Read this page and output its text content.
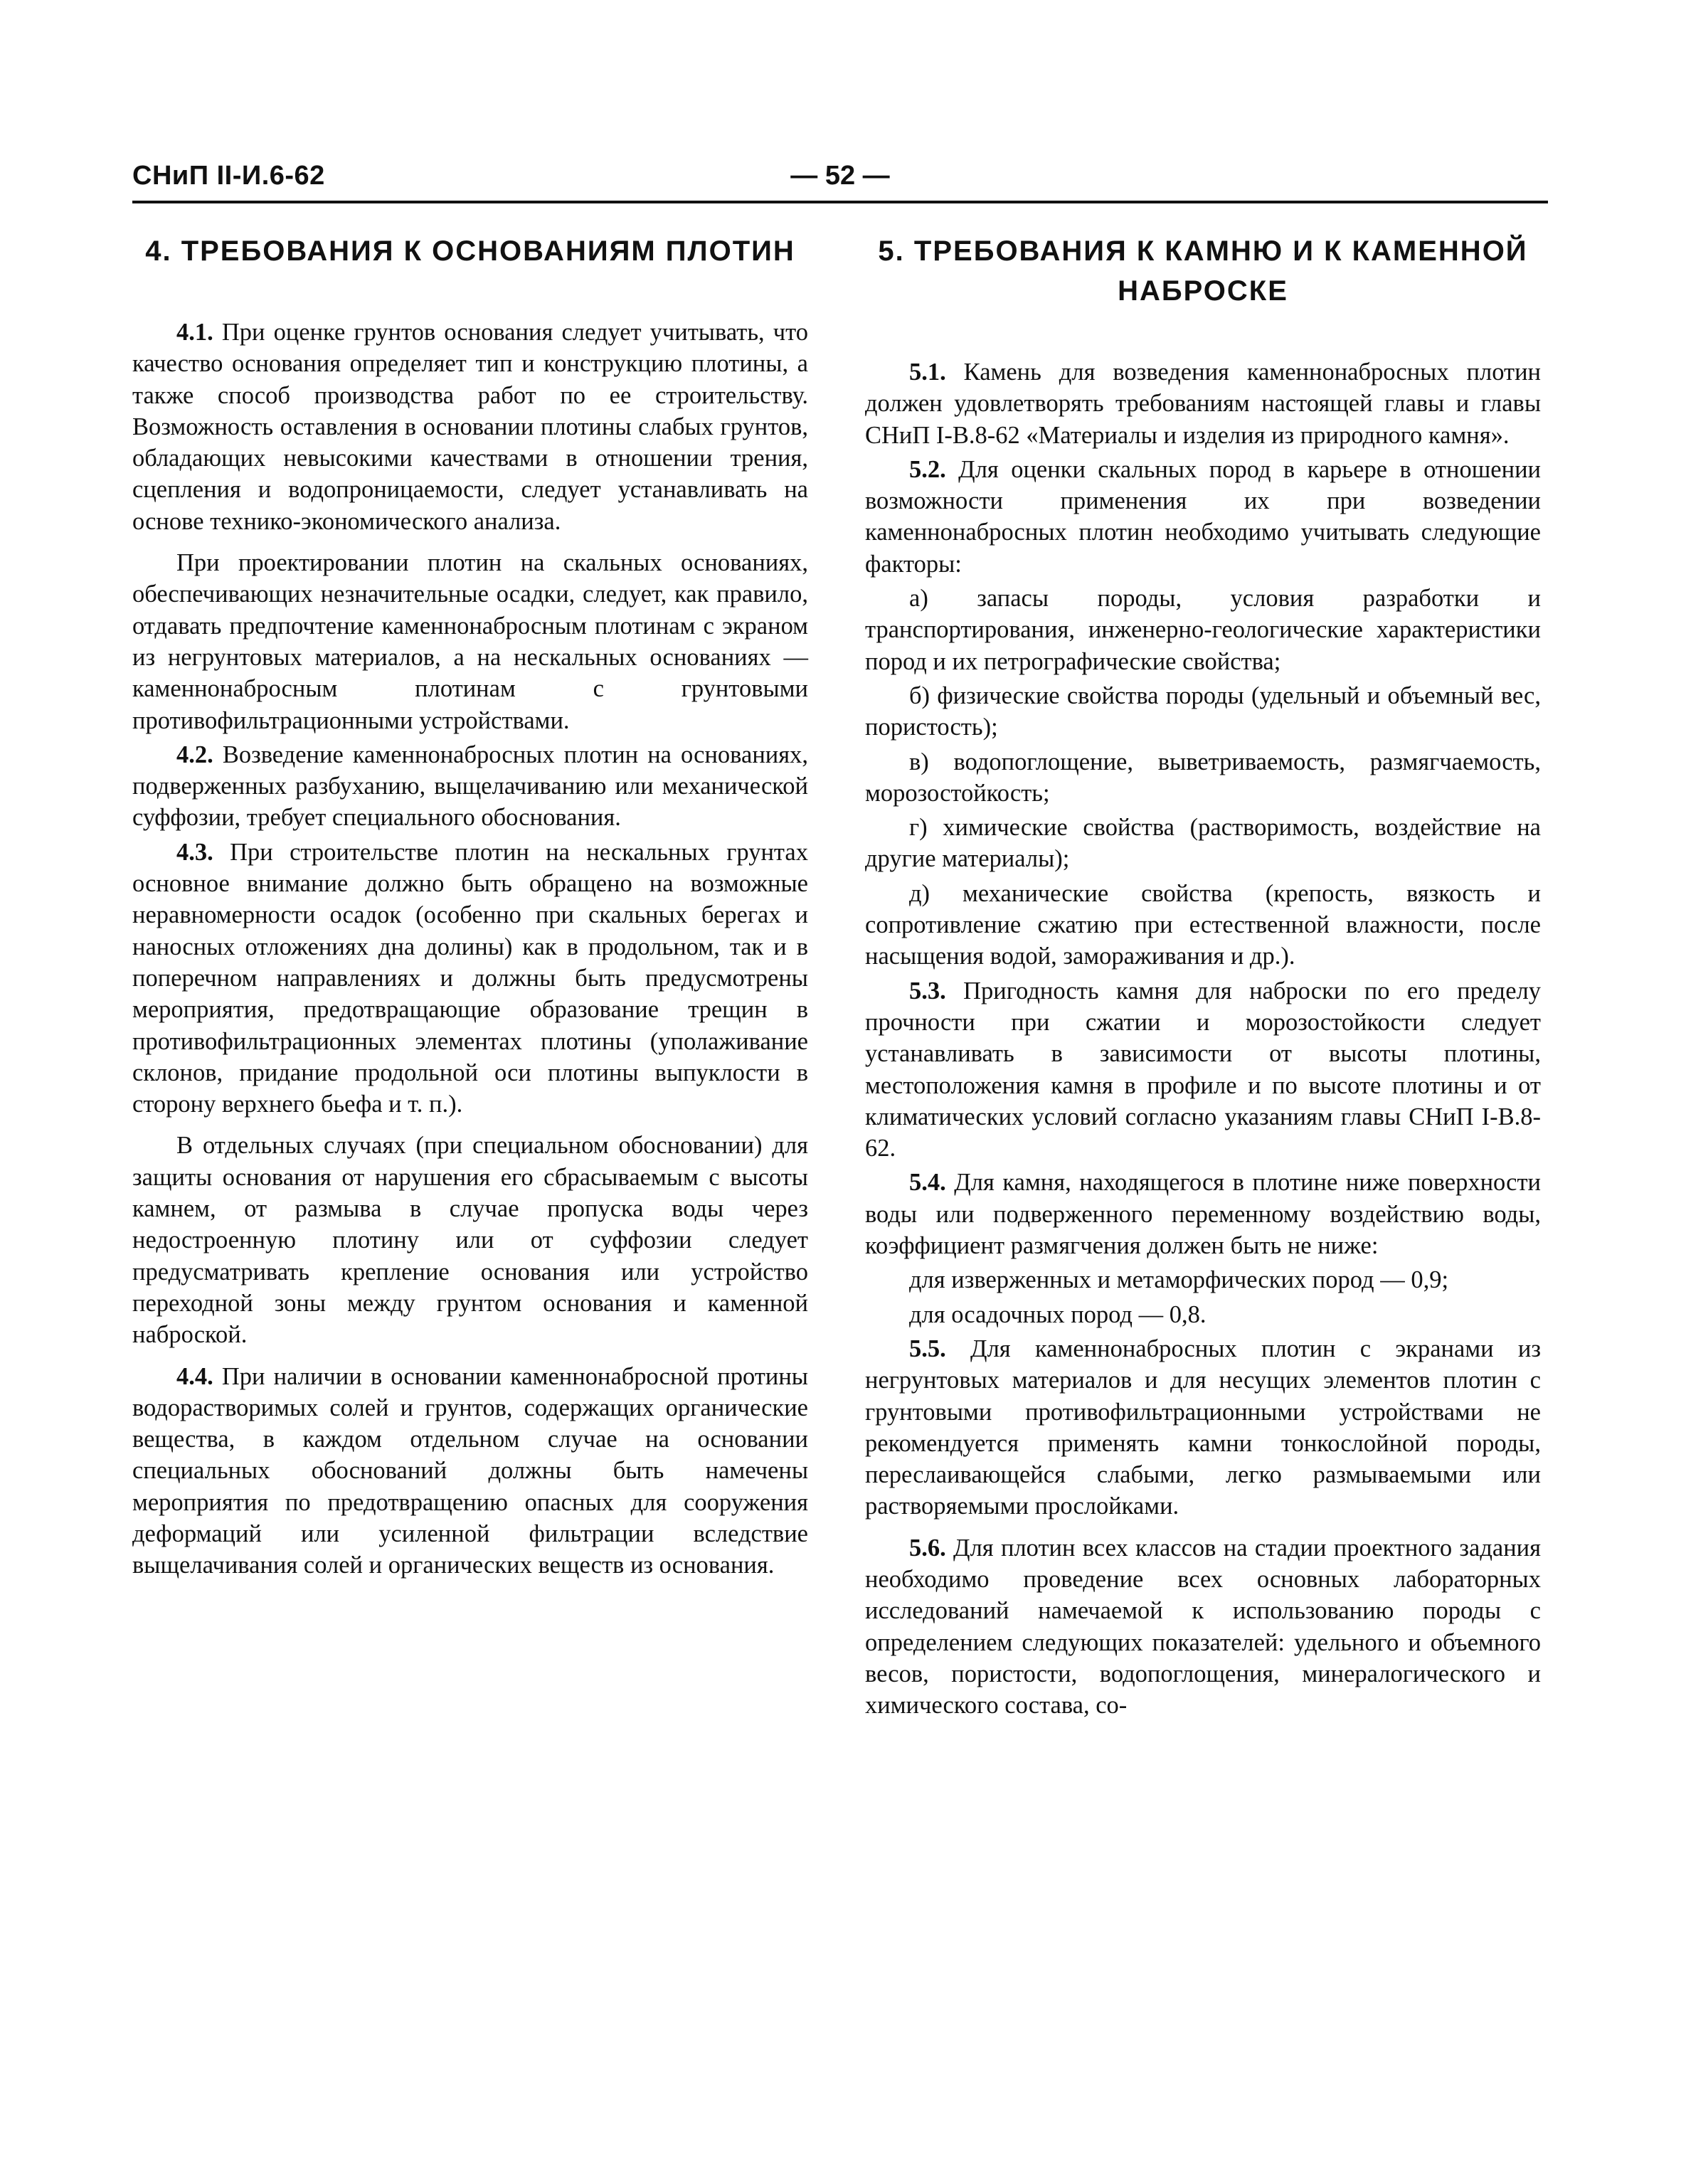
СНиП II-И.6-62	— 52 —
4. ТРЕБОВАНИЯ К ОСНОВАНИЯМ ПЛОТИН

4.1. При оценке грунтов основания следует учитывать, что качество основания определяет тип и конструкцию плотины, а также способ производства работ по ее строительству. Возможность оставления в основании плотины слабых грунтов, обладающих невысокими качествами в отношении трения, сцепления и водопроницаемости, следует устанавливать на основе технико-экономического анализа.

При проектировании плотин на скальных основаниях, обеспечивающих незначительные осадки, следует, как правило, отдавать предпочтение каменнонабросным плотинам с экраном из негрунтовых материалов, а на нескальных основаниях — каменнонабросным плотинам с грунтовыми противофильтрационными устройствами.

4.2. Возведение каменнонабросных плотин на основаниях, подверженных разбуханию, выщелачиванию или механической суффозии, требует специального обоснования.

4.3. При строительстве плотин на нескальных грунтах основное внимание должно быть обращено на возможные неравномерности осадок (особенно при скальных берегах и наносных отложениях дна долины) как в продольном, так и в поперечном направлениях и должны быть предусмотрены мероприятия, предотвращающие образование трещин в противофильтрационных элементах плотины (уполаживание склонов, придание продольной оси плотины выпуклости в сторону верхнего бьефа и т. п.).

В отдельных случаях (при специальном обосновании) для защиты основания от нарушения его сбрасываемым с высоты камнем, от размыва в случае пропуска воды через недостроенную плотину или от суффозии следует предусматривать крепление основания или устройство переходной зоны между грунтом основания и каменной наброской.

4.4. При наличии в основании каменнонабросной протины водорастворимых солей и грунтов, содержащих органические вещества, в каждом отдельном случае на основании специальных обоснований должны быть намечены мероприятия по предотвращению опасных для сооружения деформаций или усиленной фильтрации вследствие выщелачивания солей и органических веществ из основания.

5. ТРЕБОВАНИЯ К КАМНЮ И К КАМЕННОЙ НАБРОСКЕ

5.1. Камень для возведения каменнонабросных плотин должен удовлетворять требованиям настоящей главы и главы СНиП I-В.8-62 «Материалы и изделия из природного камня».

5.2. Для оценки скальных пород в карьере в отношении возможности применения их при возведении каменнонабросных плотин необходимо учитывать следующие факторы:

а) запасы породы, условия разработки и транспортирования, инженерно-геологические характеристики пород и их петрографические свойства;

б) физические свойства породы (удельный и объемный вес, пористость);

в) водопоглощение, выветриваемость, размягчаемость, морозостойкость;

г) химические свойства (растворимость, воздействие на другие материалы);

д) механические свойства (крепость, вязкость и сопротивление сжатию при естественной влажности, после насыщения водой, замораживания и др.).

5.3. Пригодность камня для наброски по его пределу прочности при сжатии и морозостойкости следует устанавливать в зависимости от высоты плотины, местоположения камня в профиле и по высоте плотины и от климатических условий согласно указаниям главы СНиП I-В.8-62.

5.4. Для камня, находящегося в плотине ниже поверхности воды или подверженного переменному воздействию воды, коэффициент размягчения должен быть не ниже:

для изверженных и метаморфических пород — 0,9;

для осадочных пород — 0,8.

5.5. Для каменнонабросных плотин с экранами из негрунтовых материалов и для несущих элементов плотин с грунтовыми противофильтрационными устройствами не рекомендуется применять камни тонкослойной породы, переслаивающейся слабыми, легко размываемыми или растворяемыми прослойками.

5.6. Для плотин всех классов на стадии проектного задания необходимо проведение всех основных лабораторных исследований намечаемой к использованию породы с определением следующих показателей: удельного и объемного весов, пористости, водопоглощения, минералогического и химического состава, со-
